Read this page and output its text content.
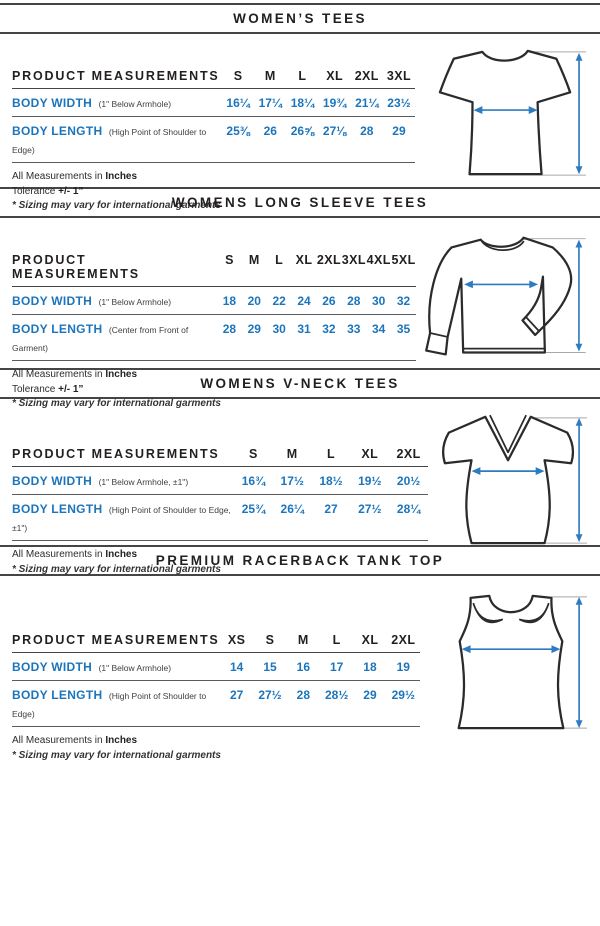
WOMEN’S TEES
PRODUCT MEASUREMENTS	S	M	L	XL 2XL 3XL
BODY WIDTH (1" Below Armhole)	16¼ 17¼ 18¼ 19¾ 21¼ 23½
BODY LENGTH (High Point of Shoulder to Edge)
25⅜	26	26⅝ 27⅛	28	29
All Measurements in Inches
Tolerance +/- 1”
* Sizing may vary for international garments
WOMENS LONG SLEEVE TEES
PRODUCT MEASUREMENTS
S	M	L XL 2XL 3XL 4XL 5XL
BODY WIDTH (1" Below Armhole)	18 20 22 24 26 28 30 32
BODY LENGTH (Center from Front of Garment)
28 29 30 31 32 33 34 35
All Measurements in Inches
Tolerance +/- 1”
* Sizing may vary for international garments
WOMENS V-NECK TEES
PRODUCT MEASUREMENTS	S	M	L	XL	2XL
BODY WIDTH (1" Below Armhole, ±1")	16¾	17½	18½	19½	20½
BODY LENGTH (High Point of Shoulder to Edge, ±1")
25¾	26¼	27	27½	28¼
All Measurements in Inches
* Sizing may vary for international garments
PREMIUM RACERBACK TANK TOP
PRODUCT MEASUREMENTS XS	S	M	L	XL	2XL
BODY WIDTH (1" Below Armhole)	14	15	16	17	18	19
BODY LENGTH (High Point of Shoulder to Edge)
27	27½	28	28½	29	29½
All Measurements in Inches
* Sizing may vary for international garments
